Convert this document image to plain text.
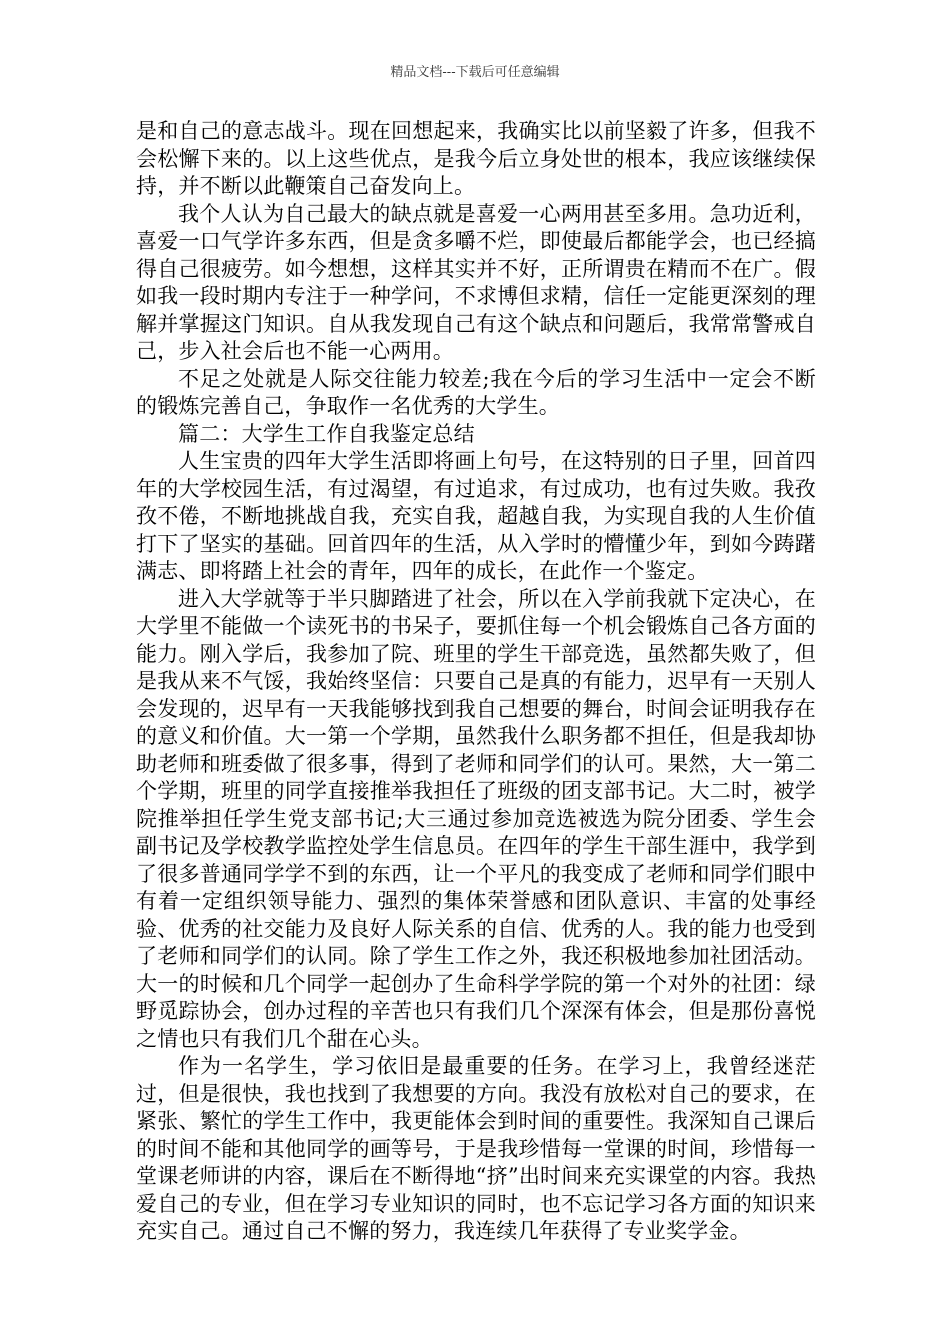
精品文档---下载后可任意编辑

是和自己的意志战斗。现在回想起来，我确实比以前坚毅了许多，但我不会松懈下来的。以上这些优点，是我今后立身处世的根本，我应该继续保持，并不断以此鞭策自己奋发向上。

我个人认为自己最大的缺点就是喜爱一心两用甚至多用。急功近利，喜爱一口气学许多东西，但是贪多嚼不烂，即使最后都能学会，也已经搞得自己很疲劳。如今想想，这样其实并不好，正所谓贵在精而不在广。假如我一段时期内专注于一种学问，不求博但求精，信任一定能更深刻的理解并掌握这门知识。自从我发现自己有这个缺点和问题后，我常常警戒自己，步入社会后也不能一心两用。

不足之处就是人际交往能力较差;我在今后的学习生活中一定会不断的锻炼完善自己，争取作一名优秀的大学生。

篇二：大学生工作自我鉴定总结

人生宝贵的四年大学生活即将画上句号，在这特别的日子里，回首四年的大学校园生活，有过渴望，有过追求，有过成功，也有过失败。我孜孜不倦，不断地挑战自我，充实自我，超越自我，为实现自我的人生价值打下了坚实的基础。回首四年的生活，从入学时的懵懂少年，到如今踌躇满志、即将踏上社会的青年，四年的成长，在此作一个鉴定。

进入大学就等于半只脚踏进了社会，所以在入学前我就下定决心，在大学里不能做一个读死书的书呆子，要抓住每一个机会锻炼自己各方面的能力。刚入学后，我参加了院、班里的学生干部竞选，虽然都失败了，但是我从来不气馁，我始终坚信：只要自己是真的有能力，迟早有一天别人会发现的，迟早有一天我能够找到我自己想要的舞台，时间会证明我存在的意义和价值。大一第一个学期，虽然我什么职务都不担任，但是我却协助老师和班委做了很多事，得到了老师和同学们的认可。果然，大一第二个学期，班里的同学直接推举我担任了班级的团支部书记。大二时，被学院推举担任学生党支部书记;大三通过参加竞选被选为院分团委、学生会副书记及学校教学监控处学生信息员。在四年的学生干部生涯中，我学到了很多普通同学学不到的东西，让一个平凡的我变成了老师和同学们眼中有着一定组织领导能力、强烈的集体荣誉感和团队意识、丰富的处事经验、优秀的社交能力及良好人际关系的自信、优秀的人。我的能力也受到了老师和同学们的认同。除了学生工作之外，我还积极地参加社团活动。大一的时候和几个同学一起创办了生命科学学院的第一个对外的社团：绿野觅踪协会，创办过程的辛苦也只有我们几个深深有体会，但是那份喜悦之情也只有我们几个甜在心头。

作为一名学生，学习依旧是最重要的任务。在学习上，我曾经迷茫过，但是很快，我也找到了我想要的方向。我没有放松对自己的要求，在紧张、繁忙的学生工作中，我更能体会到时间的重要性。我深知自己课后的时间不能和其他同学的画等号，于是我珍惜每一堂课的时间，珍惜每一堂课老师讲的内容，课后在不断得地“挤”出时间来充实课堂的内容。我热爱自己的专业，但在学习专业知识的同时，也不忘记学习各方面的知识来充实自己。通过自己不懈的努力，我连续几年获得了专业奖学金。
